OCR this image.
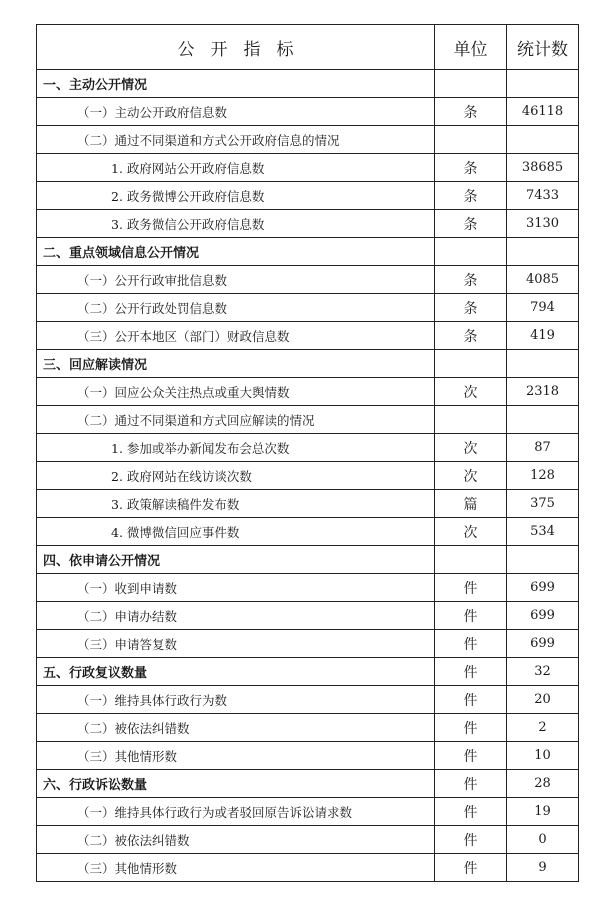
公开指标	单位	统计数
一、主动公开情况		
（一）主动公开政府信息数	条	46118
（二）通过不同渠道和方式公开政府信息的情况		
1. 政府网站公开政府信息数	条	38685
2. 政务微博公开政府信息数	条	7433
3. 政务微信公开政府信息数	条	3130
二、重点领域信息公开情况		
（一）公开行政审批信息数	条	4085
（二）公开行政处罚信息数	条	794
（三）公开本地区（部门）财政信息数	条	419
三、回应解读情况		
（一）回应公众关注热点或重大舆情数	次	2318
（二）通过不同渠道和方式回应解读的情况		
1. 参加或举办新闻发布会总次数	次	87
2. 政府网站在线访谈次数	次	128
3. 政策解读稿件发布数	篇	375
4. 微博微信回应事件数	次	534
四、依申请公开情况		
（一）收到申请数	件	699
（二）申请办结数	件	699
（三）申请答复数	件	699
五、行政复议数量	件	32
（一）维持具体行政行为数	件	20
（二）被依法纠错数	件	2
（三）其他情形数	件	10
六、行政诉讼数量	件	28
（一）维持具体行政行为或者驳回原告诉讼请求数	件	19
（二）被依法纠错数	件	0
（三）其他情形数	件	9
